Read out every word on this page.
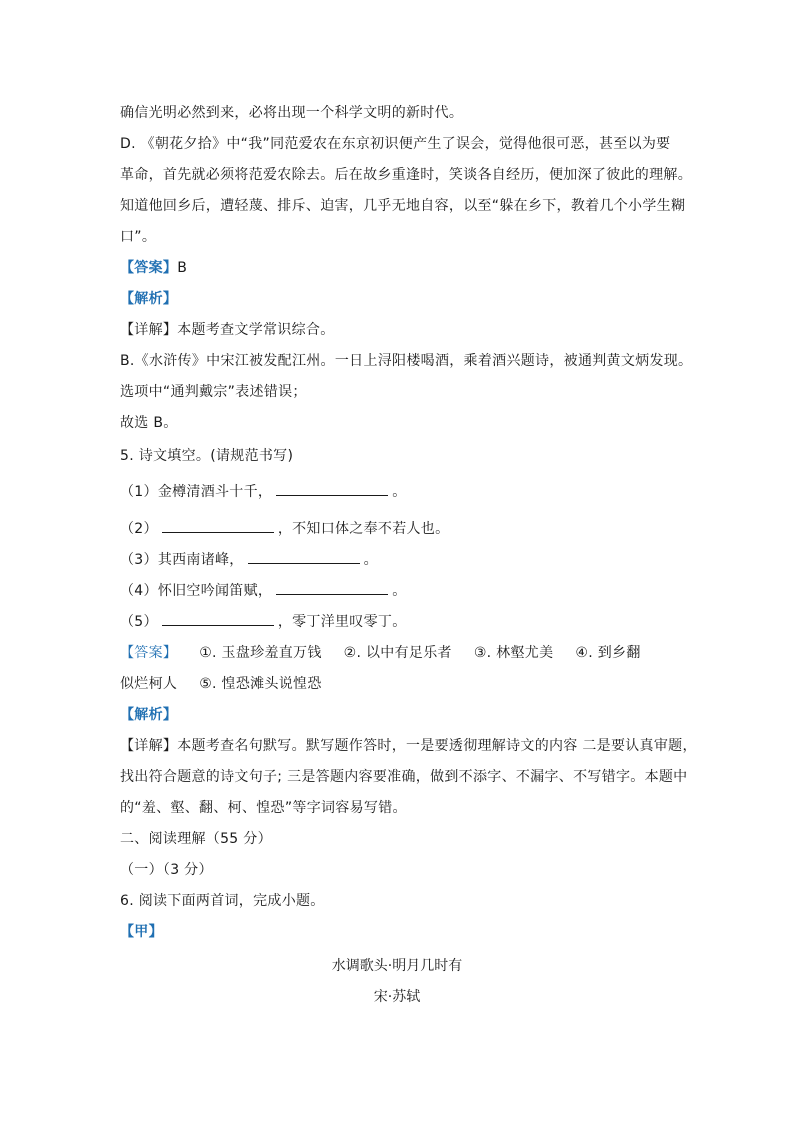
确信光明必然到来，必将出现一个科学文明的新时代。
D. 《朝花夕拾》中“我”同范爱农在东京初识便产生了误会，觉得他很可恶，甚至以为要
革命，首先就必须将范爱农除去。后在故乡重逢时，笑谈各自经历，便加深了彼此的理解。
知道他回乡后，遭轻蔑、排斥、迫害，几乎无地自容，以至“躲在乡下，教着几个小学生糊
口”。
【答案】B
【解析】
【详解】本题考查文学常识综合。
B.《水浒传》中宋江被发配江州。一日上浔阳楼喝酒，乘着酒兴题诗，被通判黄文炳发现。
选项中“通判戴宗”表述错误；
故选 B。
5. 诗文填空。(请规范书写)
（1）金樽清酒斗十千，	。
（2）	，不知口体之奉不若人也。
（3）其西南诸峰，	。
（4）怀旧空吟闻笛赋，	。
（5）	，零丁洋里叹零丁。
【答案】 ①. 玉盘珍羞直万钱 ②. 以中有足乐者 ③. 林壑尤美 ④. 到乡翻
似烂柯人 ⑤. 惶恐滩头说惶恐
【解析】
【详解】本题考查名句默写。默写题作答时，一是要透彻理解诗文的内容 二是要认真审题，
找出符合题意的诗文句子; 三是答题内容要准确，做到不添字、不漏字、不写错字。本题中
的“羞、壑、翻、柯、惶恐”等字词容易写错。
二、阅读理解（55 分）
（一）（3 分）
6. 阅读下面两首词，完成小题。
【甲】
水调歌头·明月几时有
宋·苏轼
